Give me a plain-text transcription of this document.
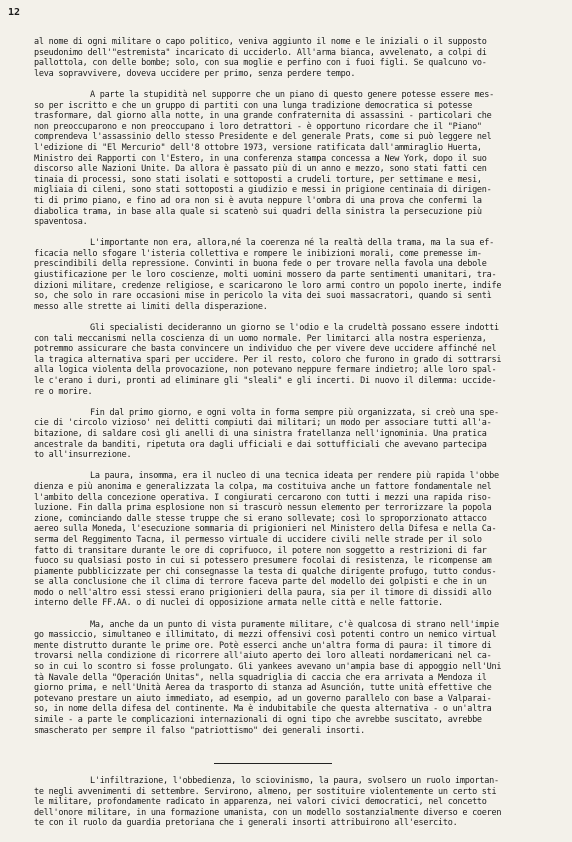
12
al nome di ogni militare o capo politico, veniva aggiunto il nome e le iniziali o il supposto
pseudonimo dell'"estremista" incaricato di ucciderlo. All'arma bianca, avvelenato, a colpi di
pallottola, con delle bombe; solo, con sua moglie e perfino con i fuoi figli. Se qualcuno vo-
leva sopravvivere, doveva uccidere per primo, senza perdere tempo.
A parte la stupidità nel supporre che un piano di questo genere potesse essere mes-
so per iscritto e che un gruppo di partiti con una lunga tradizione democratica si potesse
trasformare, dal giorno alla notte, in una grande confraternita di assassini - particolari che
non preoccuparono e non preoccupano i loro detrattori - è opportuno ricordare che il "Piano"
comprendeva l'assassinio dello stesso Presidente e del generale Prats, come si può leggere nel
l'edizione di "El Mercurio" dell'8 ottobre 1973, versione ratificata dall'ammiraglio Huerta,
Ministro dei Rapporti con l'Estero, in una conferenza stampa concessa a New York, dopo il suo
discorso alle Nazioni Unite. Da allora è passato più di un anno e mezzo, sono stati fatti cen
tinaia di processi, sono stati isolati e sottoposti a crudeli torture, per settimane e mesi,
migliaia di cileni, sono stati sottoposti a giudizio e messi in prigione centinaia di dirigen-
ti di primo piano, e fino ad ora non si è avuta neppure l'ombra di una prova che confermi la
diabolica trama, in base alla quale si scatenò sui quadri della sinistra la persecuzione più
spaventosa.
L'importante non era, allora,né la coerenza né la realtà della trama, ma la sua ef-
ficacia nello sfogare l'isteria collettiva e rompere le inibizioni morali, come premesse im-
prescindibili della repressione. Convinti in buona fede o per trovare nella favola una debole
giustificazione per le loro coscienze, molti uomini mossero da parte sentimenti umanitari, tra-
dizioni militare, credenze religiose, e scaricarono le loro armi contro un popolo inerte, indife
so, che solo in rare occasioni mise in pericolo la vita dei suoi massacratori, quando si sentì
messo alle strette ai limiti della disperazione.
Gli specialisti decideranno un giorno se l'odio e la crudeltà possano essere indotti
con tali meccanismi nella coscienza di un uomo normale. Per limitarci alla nostra esperienza,
potremmo assicurare che basta convincere un individuo che per vivere deve uccidere affinché nel
la tragica alternativa spari per uccidere. Per il resto, coloro che furono in grado di sottrarsi
alla logica violenta della provocazione, non potevano neppure fermare indietro; alle loro spal-
le c'erano i duri, pronti ad eliminare gli "sleali" e gli incerti. Di nuovo il dilemma: uccide-
re o morire.
Fin dal primo giorno, e ogni volta in forma sempre più organizzata, si creò una spe-
cie di 'circolo vizioso' nei delitti compiuti dai militari; un modo per associare tutti all'a-
bitazione, di saldare così gli anelli di una sinistra fratellanza nell'ignominia. Una pratica
ancestrale da banditi, ripetuta ora dagli ufficiali e dai sottufficiali che avevano partecipa
to all'insurrezione.
La paura, insomma, era il nucleo di una tecnica ideata per rendere più rapida l'obbe
dienza e più anonima e generalizzata la colpa, ma costituiva anche un fattore fondamentale nel
l'ambito della concezione operativa. I congiurati cercarono con tutti i mezzi una rapida riso-
luzione. Fin dalla prima esplosione non si trascurò nessun elemento per terrorizzare la popola
zione, cominciando dalle stesse truppe che si erano sollevate; così lo sproporzionato attacco
aereo sulla Moneda, l'esecuzione sommaria di prigionieri nel Ministero della Difesa e nella Ca-
serma del Reggimento Tacna, il permesso virtuale di uccidere civili nelle strade per il solo
fatto di transitare durante le ore di coprifuoco, il potere non soggetto a restrizioni di far
fuoco su qualsiasi posto in cui si potessero presumere focolai di resistenza, le ricompense am
piamente pubblicizzate per chi consegnasse la testa di qualche dirigente profugo, tutto condus-
se alla conclusione che il clima di terrore faceva parte del modello dei golpisti e che in un
modo o nell'altro essi stessi erano prigionieri della paura, sia per il timore di dissidi allo
interno delle FF.AA. o di nuclei di opposizione armata nelle città e nelle fattorie.
Ma, anche da un punto di vista puramente militare, c'è qualcosa di strano nell'impie
go massiccio, simultaneo e illimitato, di mezzi offensivi così potenti contro un nemico virtual
mente distrutto durante le prime ore. Potè esserci anche un'altra forma di paura: il timore di
trovarsi nella condizione di ricorrere all'aiuto aperto dei loro alleati nordamericani nel ca-
so in cui lo scontro si fosse prolungato. Gli yankees avevano un'ampia base di appoggio nell'Uni
tà Navale della "Operación Unitas", nella squadriglia di caccia che era arrivata a Mendoza il
giorno prima, e nell'Unità Aerea da trasporto di stanza ad Asunción, tutte unità effettive che
potevano prestare un aiuto immediato, ad esempio, ad un governo parallelo con base a Valparai-
so, in nome della difesa del continente. Ma è indubitabile che questa alternativa - o un'altra
simile - a parte le complicazioni internazionali di ogni tipo che avrebbe suscitato, avrebbe
smascherato per sempre il falso "patriottismo" dei generali insorti.
L'infiltrazione, l'obbedienza, lo sciovinismo, la paura, svolsero un ruolo importan-
te negli avvenimenti di settembre. Servirono, almeno, per sostituire violentemente un certo sti
le militare, profondamente radicato in apparenza, nei valori civici democratici, nel concetto
dell'onore militare, in una formazione umanista, con un modello sostanzialmente diverso e coeren
te con il ruolo da guardia pretoriana che i generali insorti attribuirono all'esercito.
